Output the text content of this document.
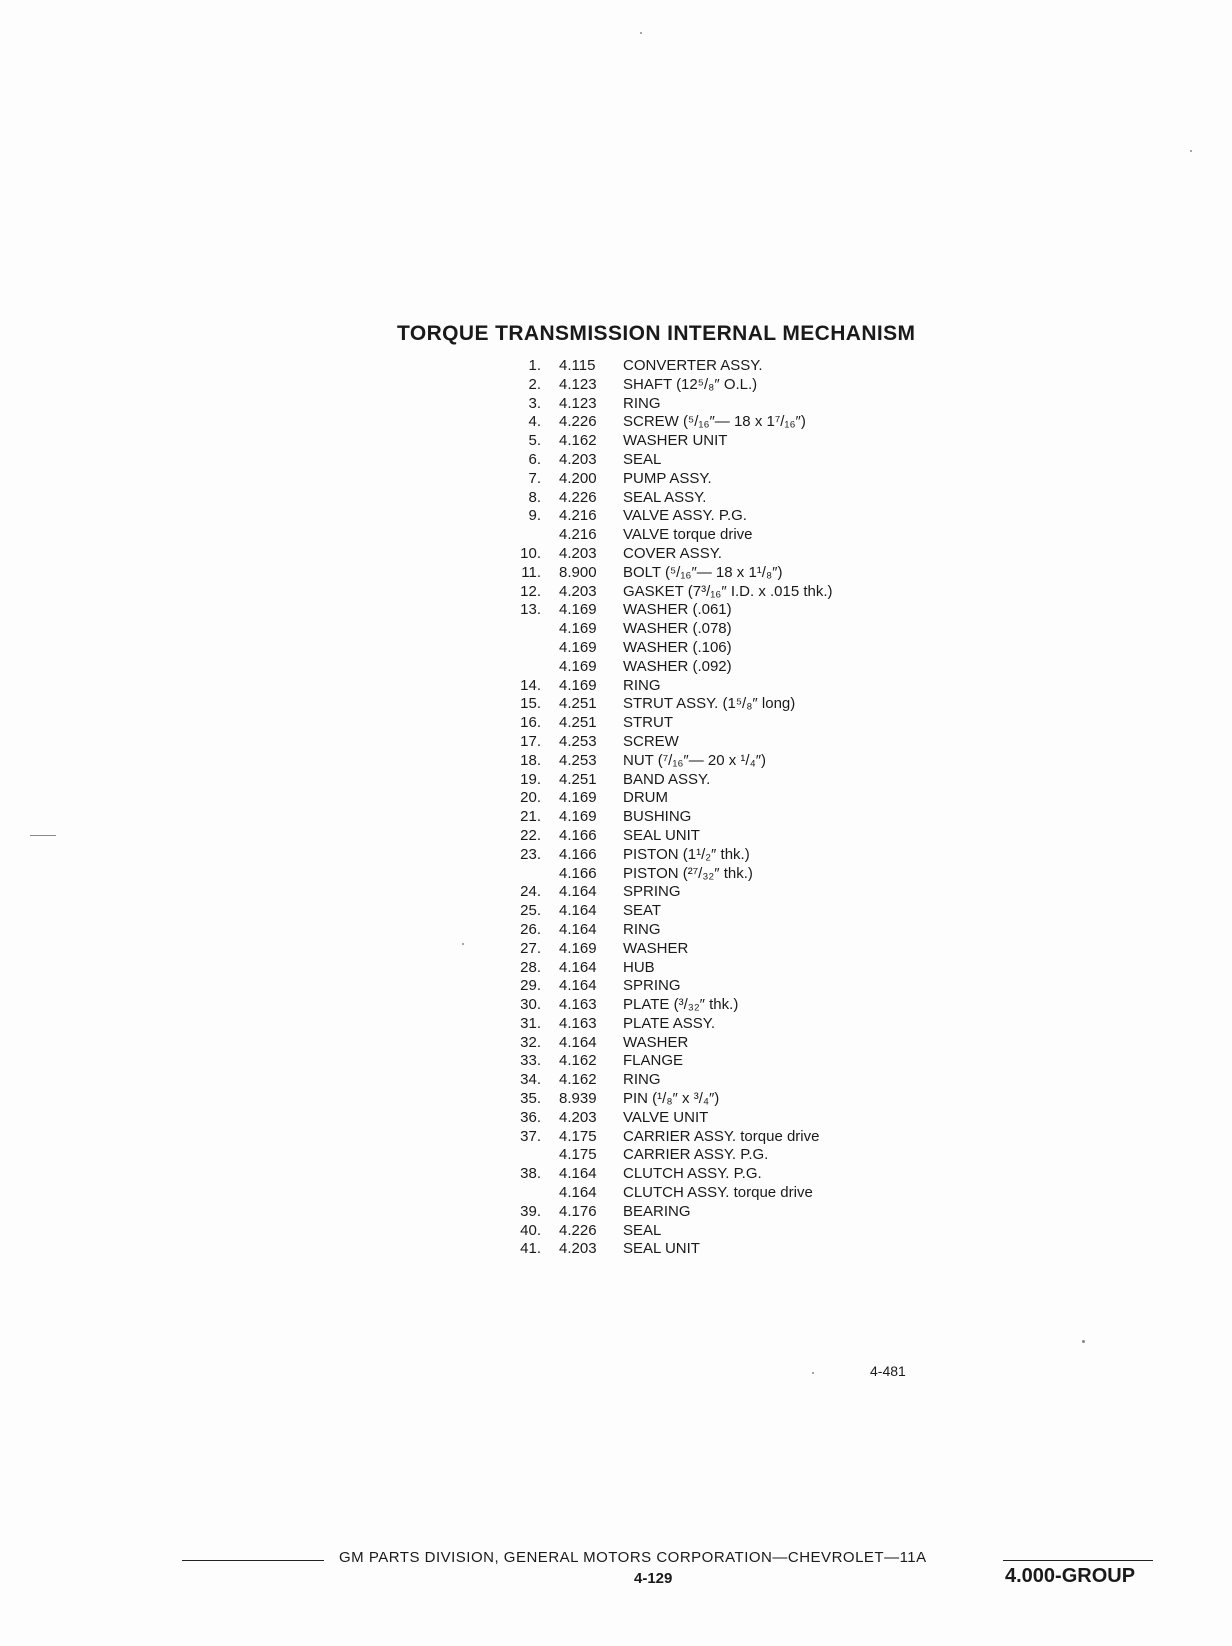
TORQUE TRANSMISSION INTERNAL MECHANISM
1. 4.115 CONVERTER ASSY.
2. 4.123 SHAFT (12⁵/₈″ O.L.)
3. 4.123 RING
4. 4.226 SCREW (⁵/₁₆″— 18 x 1⁷/₁₆″)
5. 4.162 WASHER UNIT
6. 4.203 SEAL
7. 4.200 PUMP ASSY.
8. 4.226 SEAL ASSY.
9. 4.216 VALVE ASSY. P.G.
4.216 VALVE torque drive
10. 4.203 COVER ASSY.
11. 8.900 BOLT (⁵/₁₆″— 18 x 1¹/₈″)
12. 4.203 GASKET (7³/₁₆″ I.D. x .015 thk.)
13. 4.169 WASHER (.061)
4.169 WASHER (.078)
4.169 WASHER (.106)
4.169 WASHER (.092)
14. 4.169 RING
15. 4.251 STRUT ASSY. (1⁵/₈″ long)
16. 4.251 STRUT
17. 4.253 SCREW
18. 4.253 NUT (⁷/₁₆″— 20 x ¹/₄″)
19. 4.251 BAND ASSY.
20. 4.169 DRUM
21. 4.169 BUSHING
22. 4.166 SEAL UNIT
23. 4.166 PISTON (1¹/₂″ thk.)
4.166 PISTON (²⁷/₃₂″ thk.)
24. 4.164 SPRING
25. 4.164 SEAT
26. 4.164 RING
27. 4.169 WASHER
28. 4.164 HUB
29. 4.164 SPRING
30. 4.163 PLATE (³/₃₂″ thk.)
31. 4.163 PLATE ASSY.
32. 4.164 WASHER
33. 4.162 FLANGE
34. 4.162 RING
35. 8.939 PIN (¹/₈″ x ³/₄″)
36. 4.203 VALVE UNIT
37. 4.175 CARRIER ASSY. torque drive
4.175 CARRIER ASSY. P.G.
38. 4.164 CLUTCH ASSY. P.G.
4.164 CLUTCH ASSY. torque drive
39. 4.176 BEARING
40. 4.226 SEAL
41. 4.203 SEAL UNIT
4-481
GM PARTS DIVISION, GENERAL MOTORS CORPORATION—CHEVROLET—11A
4-129	4.000-GROUP
